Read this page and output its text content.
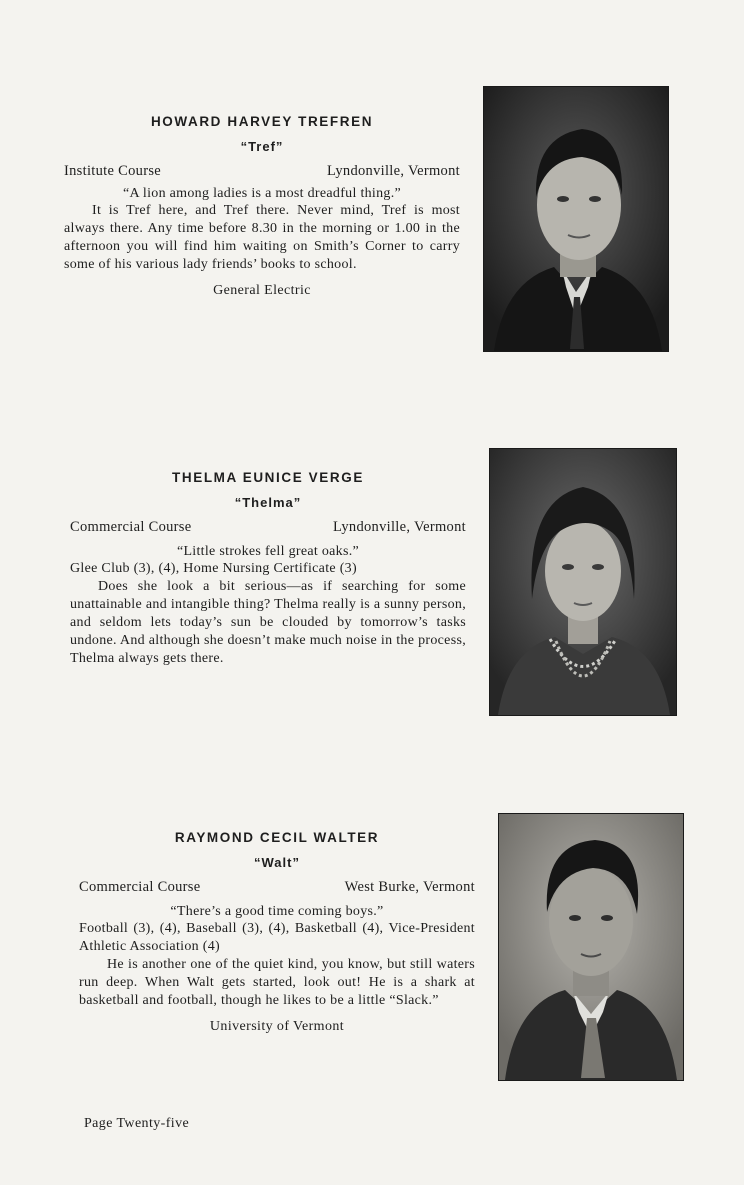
HOWARD HARVEY TREFREN
“Tref”
Institute Course	Lyndonville, Vermont
“A lion among ladies is a most dreadful thing.”
It is Tref here, and Tref there. Never mind, Tref is most always there. Any time before 8.30 in the morning or 1.00 in the afternoon you will find him waiting on Smith’s Corner to carry some of his various lady friends’ books to school.
General Electric
THELMA EUNICE VERGE
“Thelma”
Commercial Course	Lyndonville, Vermont
“Little strokes fell great oaks.”
Glee Club (3), (4), Home Nursing Certificate (3)
Does she look a bit serious—as if searching for some unattainable and intangible thing? Thelma really is a sunny person, and seldom lets today’s sun be clouded by tomorrow’s tasks undone. And although she doesn’t make much noise in the process, Thelma always gets there.
RAYMOND CECIL WALTER
“Walt”
Commercial Course	West Burke, Vermont
“There’s a good time coming boys.”
Football (3), (4), Baseball (3), (4), Basketball (4), Vice-President Athletic Association (4)
He is another one of the quiet kind, you know, but still waters run deep. When Walt gets started, look out! He is a shark at basketball and football, though he likes to be a little “Slack.”
University of Vermont
Page Twenty-five
